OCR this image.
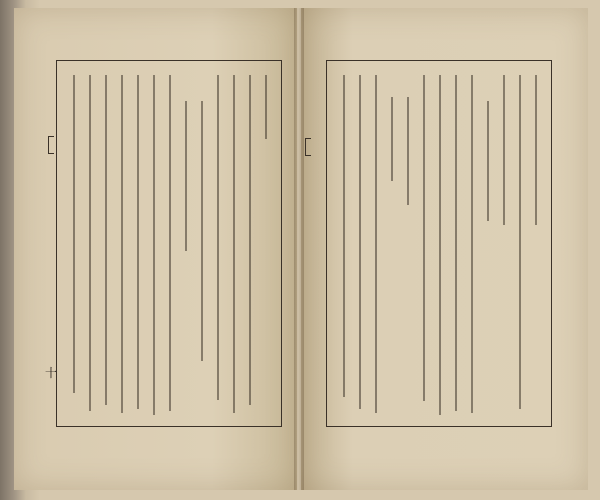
十
